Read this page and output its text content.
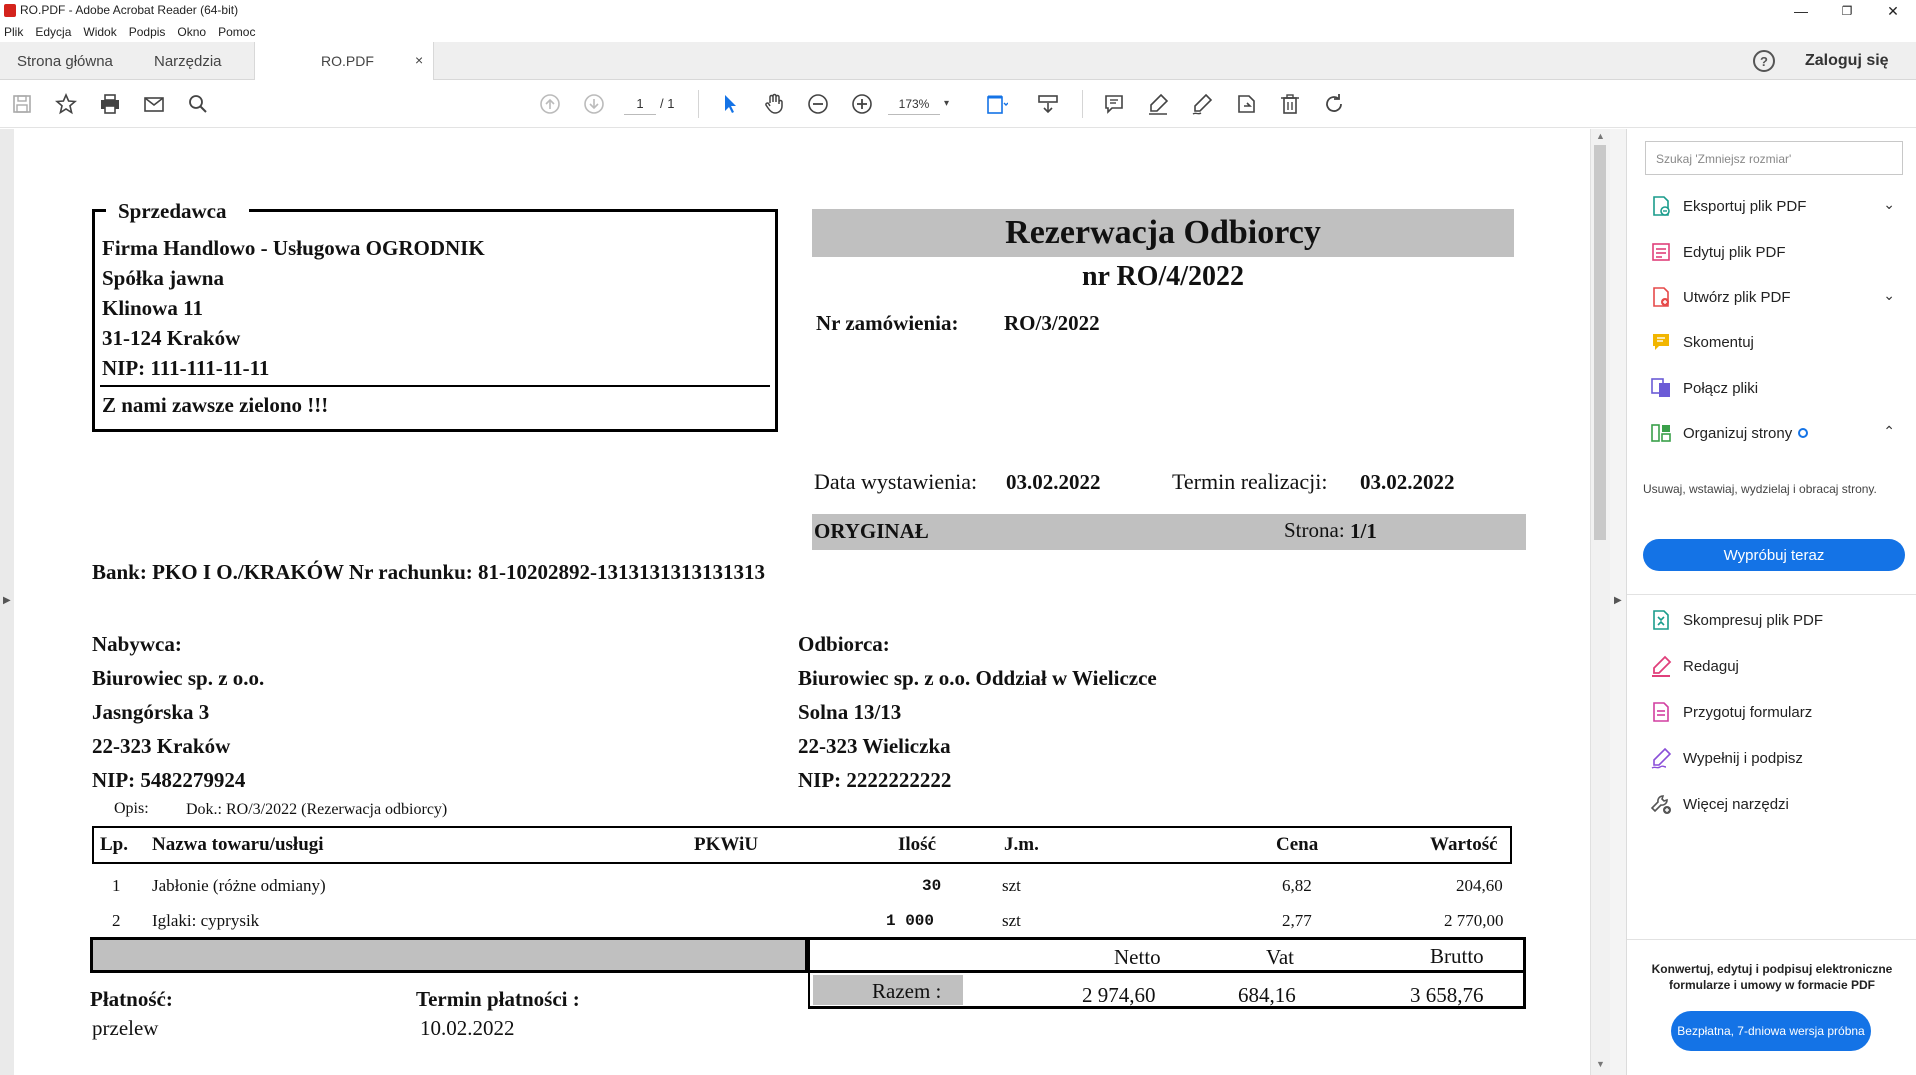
RO.PDF - Adobe Acrobat Reader (64-bit)	—	❐	✕
Plik Edycja Widok Podpis Okno Pomoc
Strona główna	Narzędzia	RO.PDF	×	?	Zaloguj się
1	/ 1	173%	▾
▶
Sprzedawca
Firma Handlowo - Usługowa OGRODNIK
Spółka jawna
Klinowa 11
31-124 Kraków
NIP: 111-111-11-11
Z nami zawsze zielono !!!
Rezerwacja Odbiorcy
nr RO/4/2022
Nr zamówienia: RO/3/2022
Data wystawienia: 03.02.2022	Termin realizacji: 03.02.2022
ORYGINAŁ	Strona: 1/1
Bank: PKO I O./KRAKÓW Nr rachunku: 81-10202892-1313131313131313
Nabywca:
Biurowiec sp. z o.o.
Jasngórska 3
22-323 Kraków
NIP: 5482279924
Odbiorca:
Biurowiec sp. z o.o. Oddział w Wieliczce
Solna 13/13
22-323 Wieliczka
NIP: 2222222222
Opis: Dok.: RO/3/2022 (Rezerwacja odbiorcy)
Lp. Nazwa towaru/usługi	PKWiU	Ilość	J.m.	Cena	Wartość
1 Jabłonie (różne odmiany)	30	szt	6,82	204,60
2 Iglaki: cyprysik	1 000	szt	2,77	2 770,00
Netto	Vat	Brutto
Razem :	2 974,60	684,16	3 658,76
Płatność:
przelew
Termin płatności :
10.02.2022
▲
▼
▶
Szukaj 'Zmniejsz rozmiar'
Eksportuj plik PDF	⌄
Edytuj plik PDF
Utwórz plik PDF	⌄
Skomentuj
Połącz pliki
Organizuj strony	⌃
Usuwaj, wstawiaj, wydzielaj i obracaj strony.
Wypróbuj teraz
Skompresuj plik PDF
Redaguj
Przygotuj formularz
Wypełnij i podpisz
Więcej narzędzi
Konwertuj, edytuj i podpisuj elektroniczne formularze i umowy w formacie PDF
Bezpłatna, 7-dniowa wersja próbna
